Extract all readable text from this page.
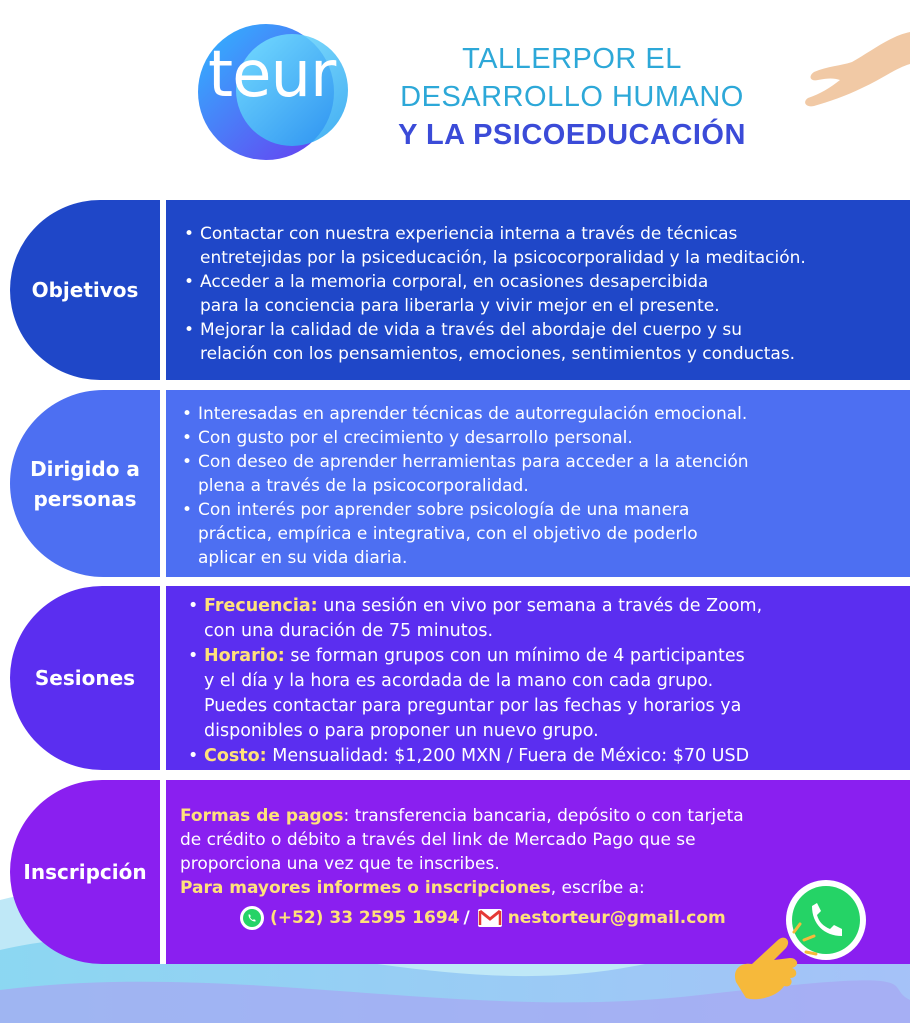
teur	TALLERPOR EL
DESARROLLO HUMANO
Y LA PSICOEDUCACIÓN
Objetivos
• Contactar con nuestra experiencia interna a través de técnicas
entretejidas por la psiceducación, la psicocorporalidad y la meditación.
• Acceder a la memoria corporal, en ocasiones desapercibida
para la conciencia para liberarla y vivir mejor en el presente.
• Mejorar la calidad de vida a través del abordaje del cuerpo y su
relación con los pensamientos, emociones, sentimientos y conductas.
Dirigido a
personas
• Interesadas en aprender técnicas de autorregulación emocional.
• Con gusto por el crecimiento y desarrollo personal.
• Con deseo de aprender herramientas para acceder a la atención
plena a través de la psicocorporalidad.
• Con interés por aprender sobre psicología de una manera
práctica, empírica e integrativa, con el objetivo de poderlo
aplicar en su vida diaria.
Sesiones
• Frecuencia: una sesión en vivo por semana a través de Zoom,
con una duración de 75 minutos.
• Horario: se forman grupos con un mínimo de 4 participantes
y el día y la hora es acordada de la mano con cada grupo.
Puedes contactar para preguntar por las fechas y horarios ya
disponibles o para proponer un nuevo grupo.
• Costo: Mensualidad: $1,200 MXN / Fuera de México: $70 USD
Inscripción
Formas de pagos: transferencia bancaria, depósito o con tarjeta
de crédito o débito a través del link de Mercado Pago que se
proporciona una vez que te inscribes.
Para mayores informes o inscripciones, escríbe a:
(+52) 33 2595 1694 / nestorteur@gmail.com
